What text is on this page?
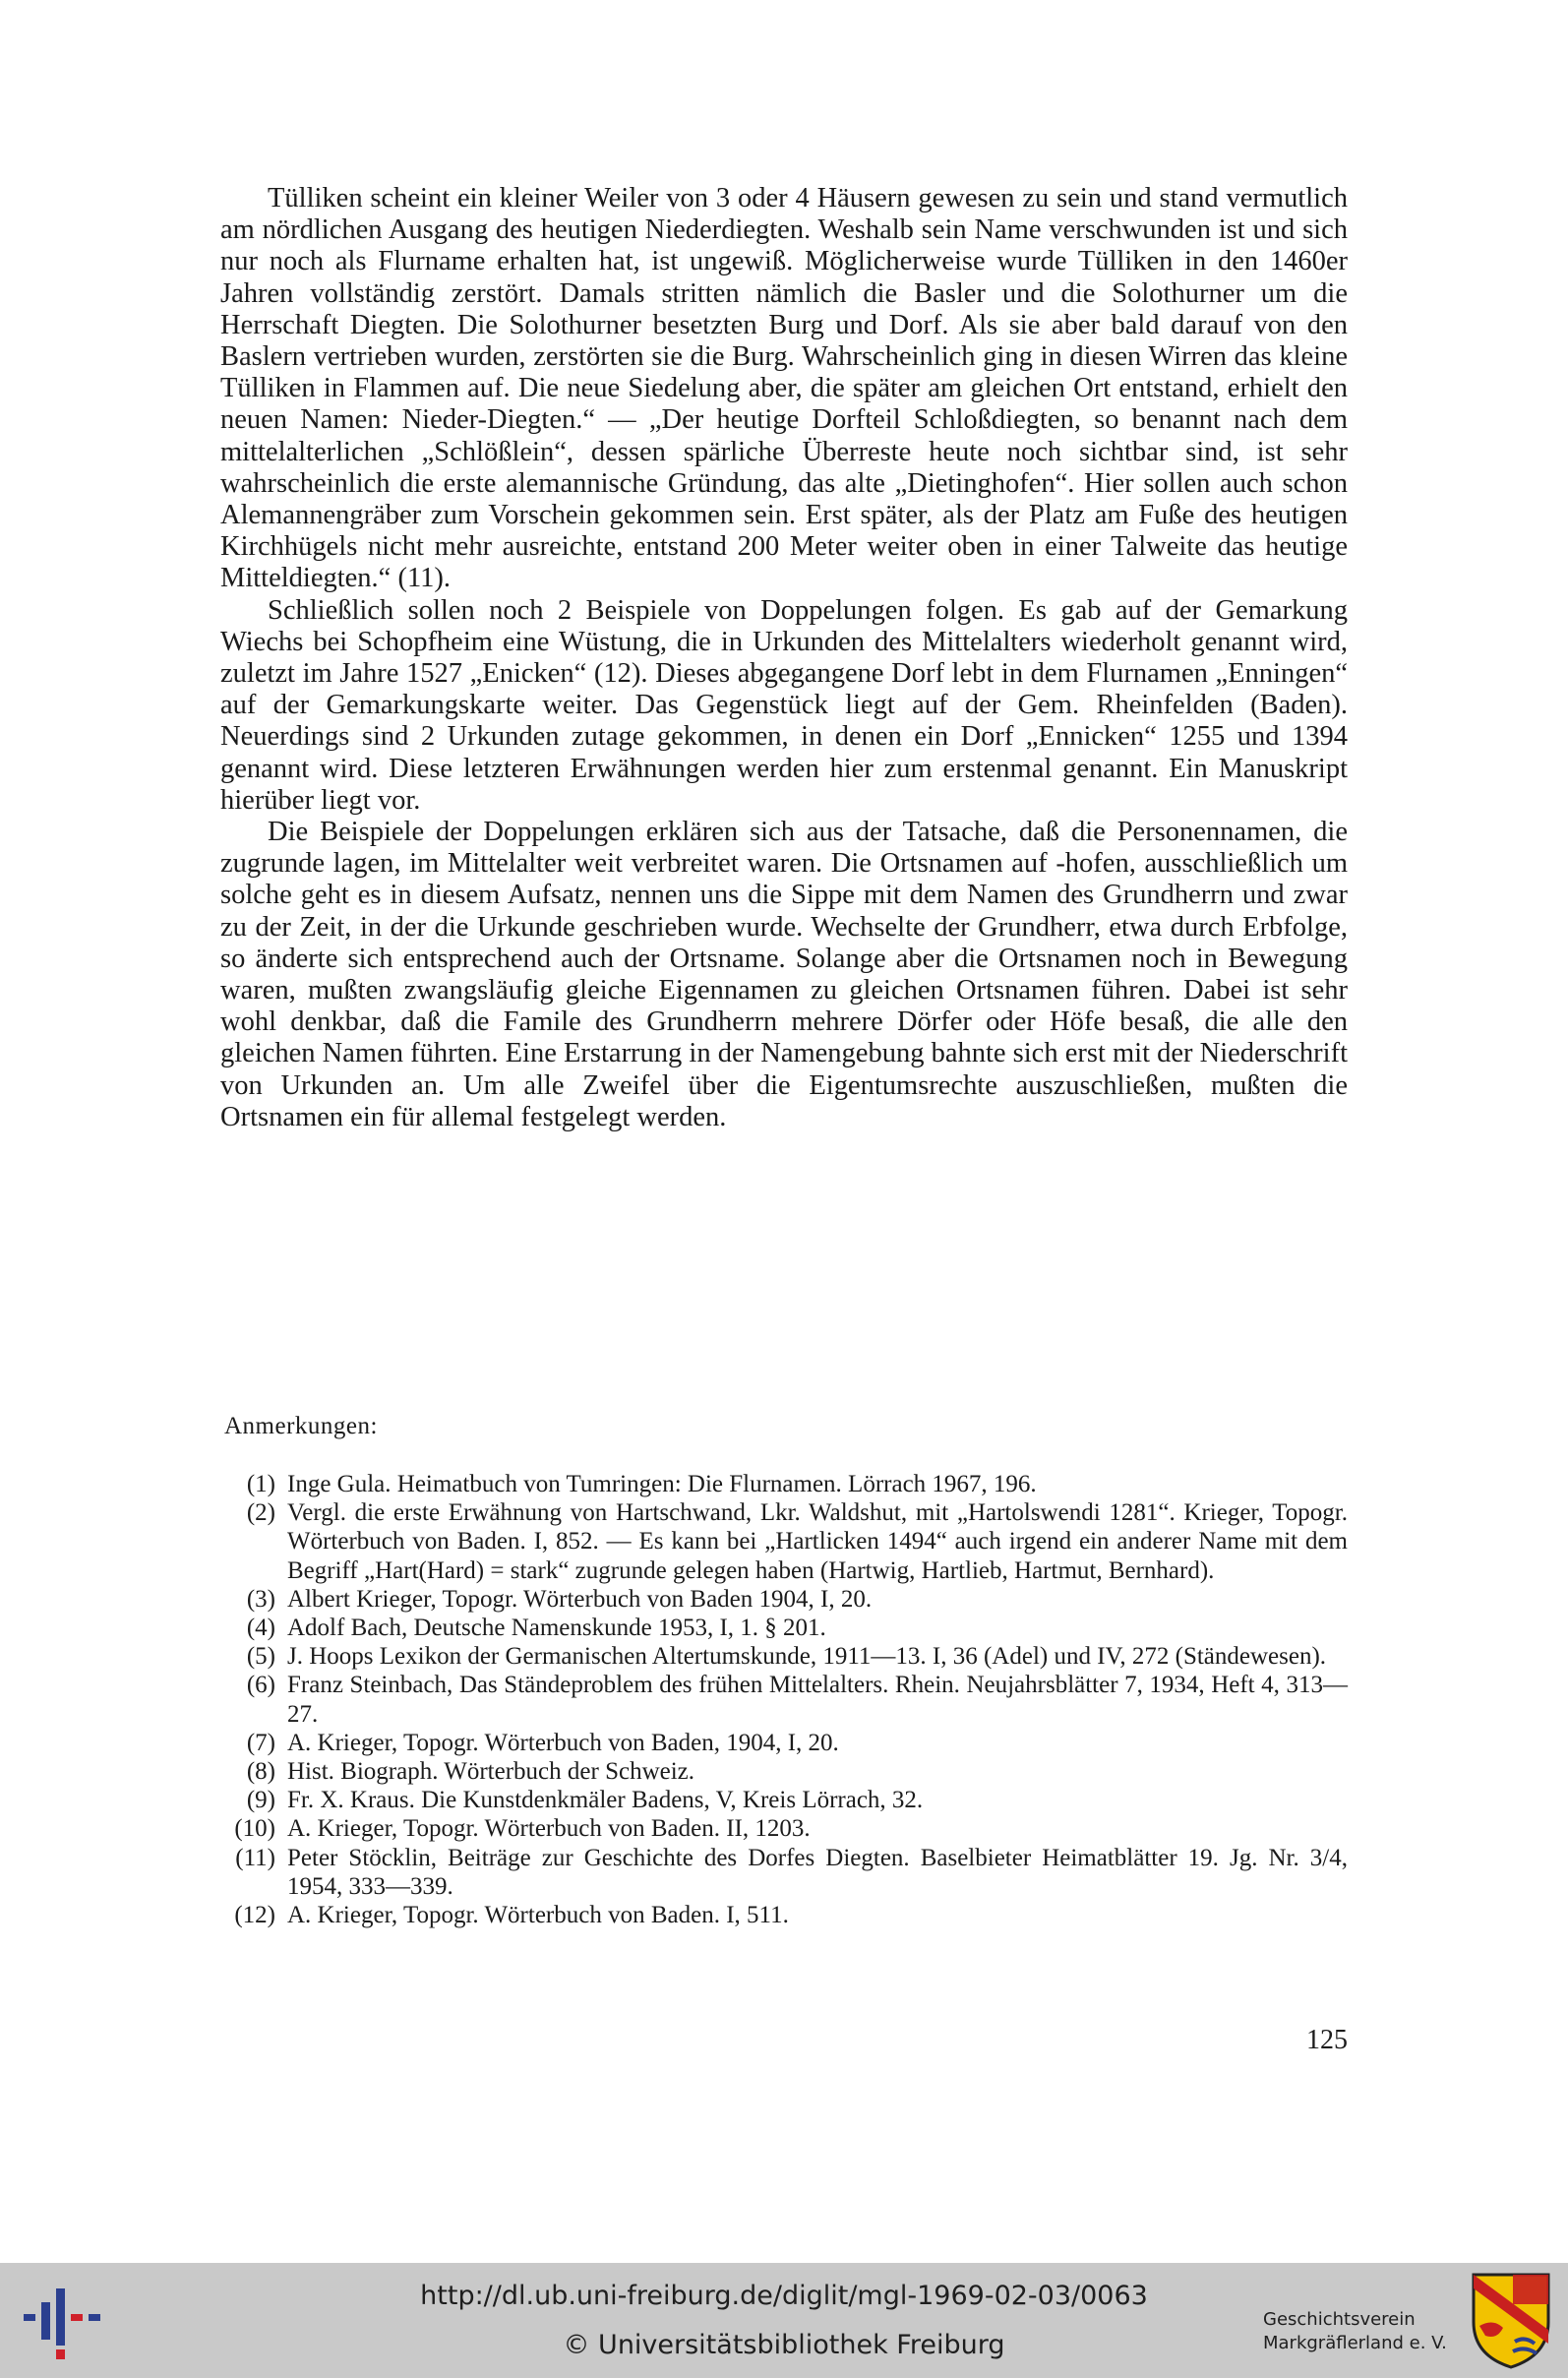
Tülliken scheint ein kleiner Weiler von 3 oder 4 Häusern gewesen zu sein und stand vermutlich am nördlichen Ausgang des heutigen Niederdiegten. Weshalb sein Name verschwunden ist und sich nur noch als Flurname erhalten hat, ist ungewiß. Möglicherweise wurde Tülliken in den 1460er Jahren vollständig zerstört. Damals stritten nämlich die Basler und die Solothurner um die Herrschaft Diegten. Die Solothurner besetzten Burg und Dorf. Als sie aber bald darauf von den Baslern vertrieben wurden, zerstörten sie die Burg. Wahrscheinlich ging in diesen Wirren das kleine Tülliken in Flammen auf. Die neue Siedelung aber, die später am gleichen Ort entstand, erhielt den neuen Namen: Nieder-Diegten.“ — „Der heutige Dorfteil Schloßdiegten, so benannt nach dem mittelalterlichen „Schlößlein“, dessen spärliche Überreste heute noch sichtbar sind, ist sehr wahrscheinlich die erste alemannische Gründung, das alte „Dietinghofen“. Hier sollen auch schon Alemannengräber zum Vorschein gekommen sein. Erst später, als der Platz am Fuße des heutigen Kirchhügels nicht mehr ausreichte, entstand 200 Meter weiter oben in einer Talweite das heutige Mitteldiegten.“ (11).

Schließlich sollen noch 2 Beispiele von Doppelungen folgen. Es gab auf der Gemarkung Wiechs bei Schopfheim eine Wüstung, die in Urkunden des Mittelalters wiederholt genannt wird, zuletzt im Jahre 1527 „Enicken“ (12). Dieses abgegangene Dorf lebt in dem Flurnamen „Enningen“ auf der Gemarkungskarte weiter. Das Gegenstück liegt auf der Gem. Rheinfelden (Baden). Neuerdings sind 2 Urkunden zutage gekommen, in denen ein Dorf „Ennicken“ 1255 und 1394 genannt wird. Diese letzteren Erwähnungen werden hier zum erstenmal genannt. Ein Manuskript hierüber liegt vor.

Die Beispiele der Doppelungen erklären sich aus der Tatsache, daß die Personennamen, die zugrunde lagen, im Mittelalter weit verbreitet waren. Die Ortsnamen auf -hofen, ausschließlich um solche geht es in diesem Aufsatz, nennen uns die Sippe mit dem Namen des Grundherrn und zwar zu der Zeit, in der die Urkunde geschrieben wurde. Wechselte der Grundherr, etwa durch Erbfolge, so änderte sich entsprechend auch der Ortsname. Solange aber die Ortsnamen noch in Bewegung waren, mußten zwangsläufig gleiche Eigennamen zu gleichen Ortsnamen führen. Dabei ist sehr wohl denkbar, daß die Famile des Grundherrn mehrere Dörfer oder Höfe besaß, die alle den gleichen Namen führten. Eine Erstarrung in der Namengebung bahnte sich erst mit der Niederschrift von Urkunden an. Um alle Zweifel über die Eigentumsrechte auszuschließen, mußten die Ortsnamen ein für allemal festgelegt werden.

Anmerkungen:
(1) Inge Gula. Heimatbuch von Tumringen: Die Flurnamen. Lörrach 1967, 196.
(2) Vergl. die erste Erwähnung von Hartschwand, Lkr. Waldshut, mit „Hartolswendi 1281“. Krieger, Topogr. Wörterbuch von Baden. I, 852. — Es kann bei „Hartlicken 1494“ auch irgend ein anderer Name mit dem Begriff „Hart(Hard) = stark“ zugrunde gelegen haben (Hartwig, Hartlieb, Hartmut, Bernhard).
(3) Albert Krieger, Topogr. Wörterbuch von Baden 1904, I, 20.
(4) Adolf Bach, Deutsche Namenskunde 1953, I, 1. § 201.
(5) J. Hoops Lexikon der Germanischen Altertumskunde, 1911—13. I, 36 (Adel) und IV, 272 (Ständewesen).
(6) Franz Steinbach, Das Ständeproblem des frühen Mittelalters. Rhein. Neujahrsblätter 7, 1934, Heft 4, 313—27.
(7) A. Krieger, Topogr. Wörterbuch von Baden, 1904, I, 20.
(8) Hist. Biograph. Wörterbuch der Schweiz.
(9) Fr. X. Kraus. Die Kunstdenkmäler Badens, V, Kreis Lörrach, 32.
(10) A. Krieger, Topogr. Wörterbuch von Baden. II, 1203.
(11) Peter Stöcklin, Beiträge zur Geschichte des Dorfes Diegten. Baselbieter Heimatblätter 19. Jg. Nr. 3/4, 1954, 333—339.
(12) A. Krieger, Topogr. Wörterbuch von Baden. I, 511.
125
http://dl.ub.uni-freiburg.de/diglit/mgl-1969-02-03/0063
© Universitätsbibliothek Freiburg
Geschichtsverein
Markgräflerland e. V.
